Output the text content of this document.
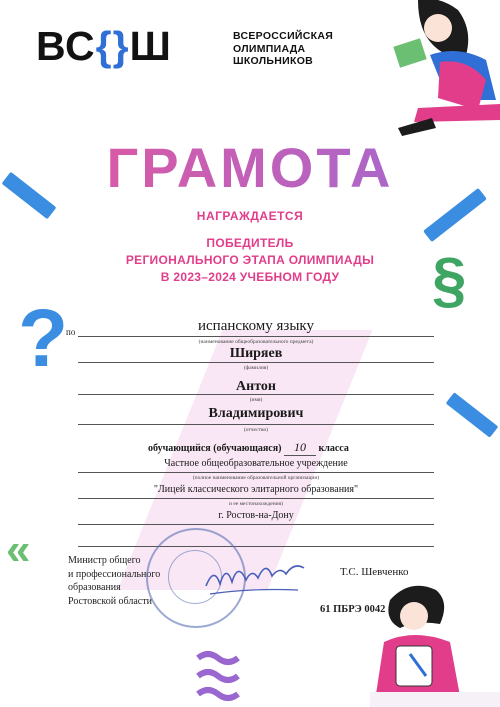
ВС{}Ш	ВСЕРОССИЙСКАЯ
ОЛИМПИАДА
ШКОЛЬНИКОВ
ГРАМОТА
НАГРАЖДАЕТСЯ
ПОБЕДИТЕЛЬ
РЕГИОНАЛЬНОГО ЭТАПА ОЛИМПИАДЫ
В 2023–2024 УЧЕБНОМ ГОДУ	§
?
«
по	испанскому языку
(наименование общеобразовательного предмета)
Ширяев
(фамилия)
Антон
(имя)
Владимирович
(отчество)
обучающийся (обучающаяся) 10 класса
Частное общеобразовательное учреждение
(полное наименование образовательной организации)
"Лицей классического элитарного образования"
и ее местонахождения)
г. Ростов-на-Дону
Министр общего
и профессионального
образования
Ростовской области
Т.С. Шевченко
61 ПБРЭ 0042
